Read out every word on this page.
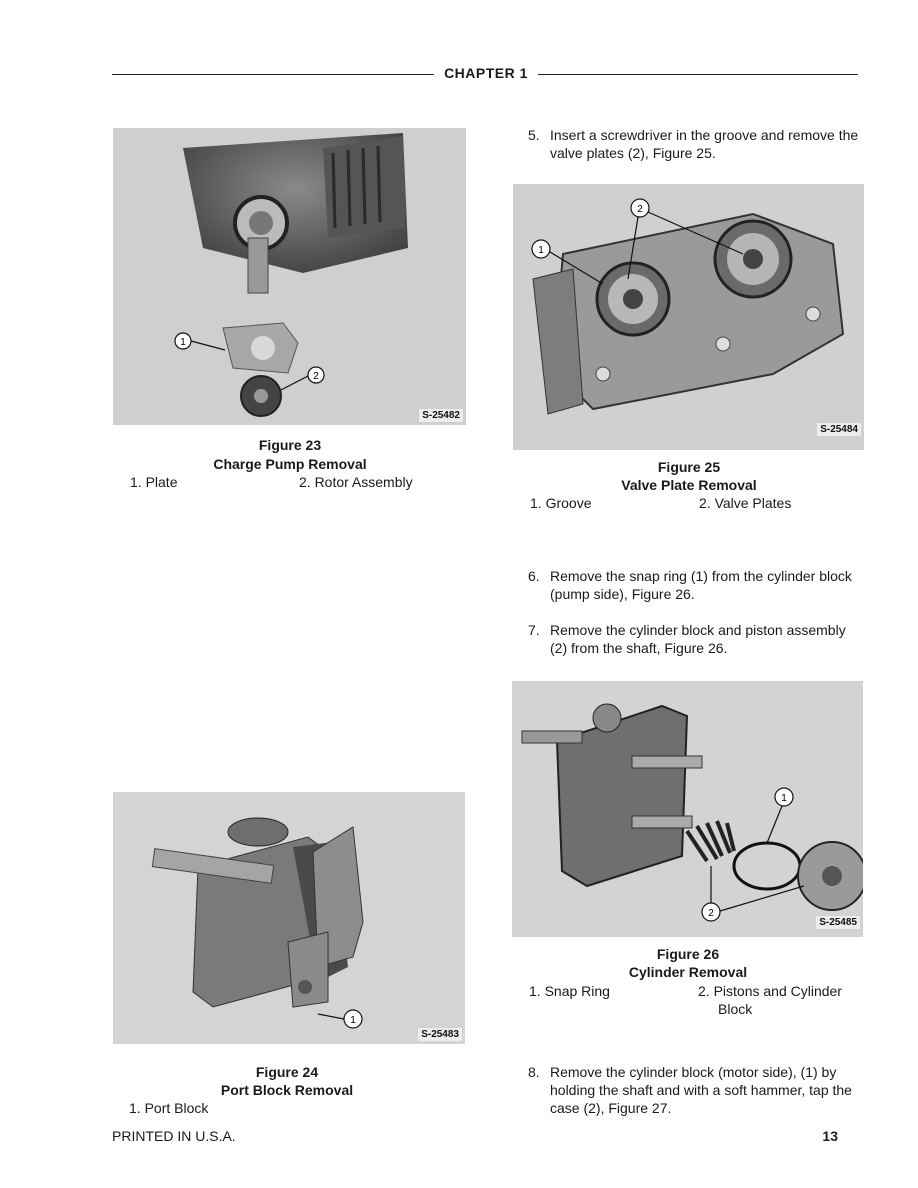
CHAPTER 1
1
2
S-25482
Figure 23
Charge Pump Removal
1. Plate	2. Rotor Assembly
1
S-25483
Figure 24
Port Block Removal
1. Port Block
5. Insert a screwdriver in the groove and remove the
valve plates (2), Figure 25.
1
2
S-25484
Figure 25
Valve Plate Removal
1. Groove	2. Valve Plates
6. Remove the snap ring (1) from the cylinder block
(pump side), Figure 26.
7. Remove the cylinder block and piston assembly
(2) from the shaft, Figure 26.
1
2
S-25485
Figure 26
Cylinder Removal
1. Snap Ring	2. Pistons and Cylinder
Block
8. Remove the cylinder block (motor side), (1) by
holding the shaft and with a soft hammer, tap the
case (2), Figure 27.
PRINTED IN U.S.A.	13
